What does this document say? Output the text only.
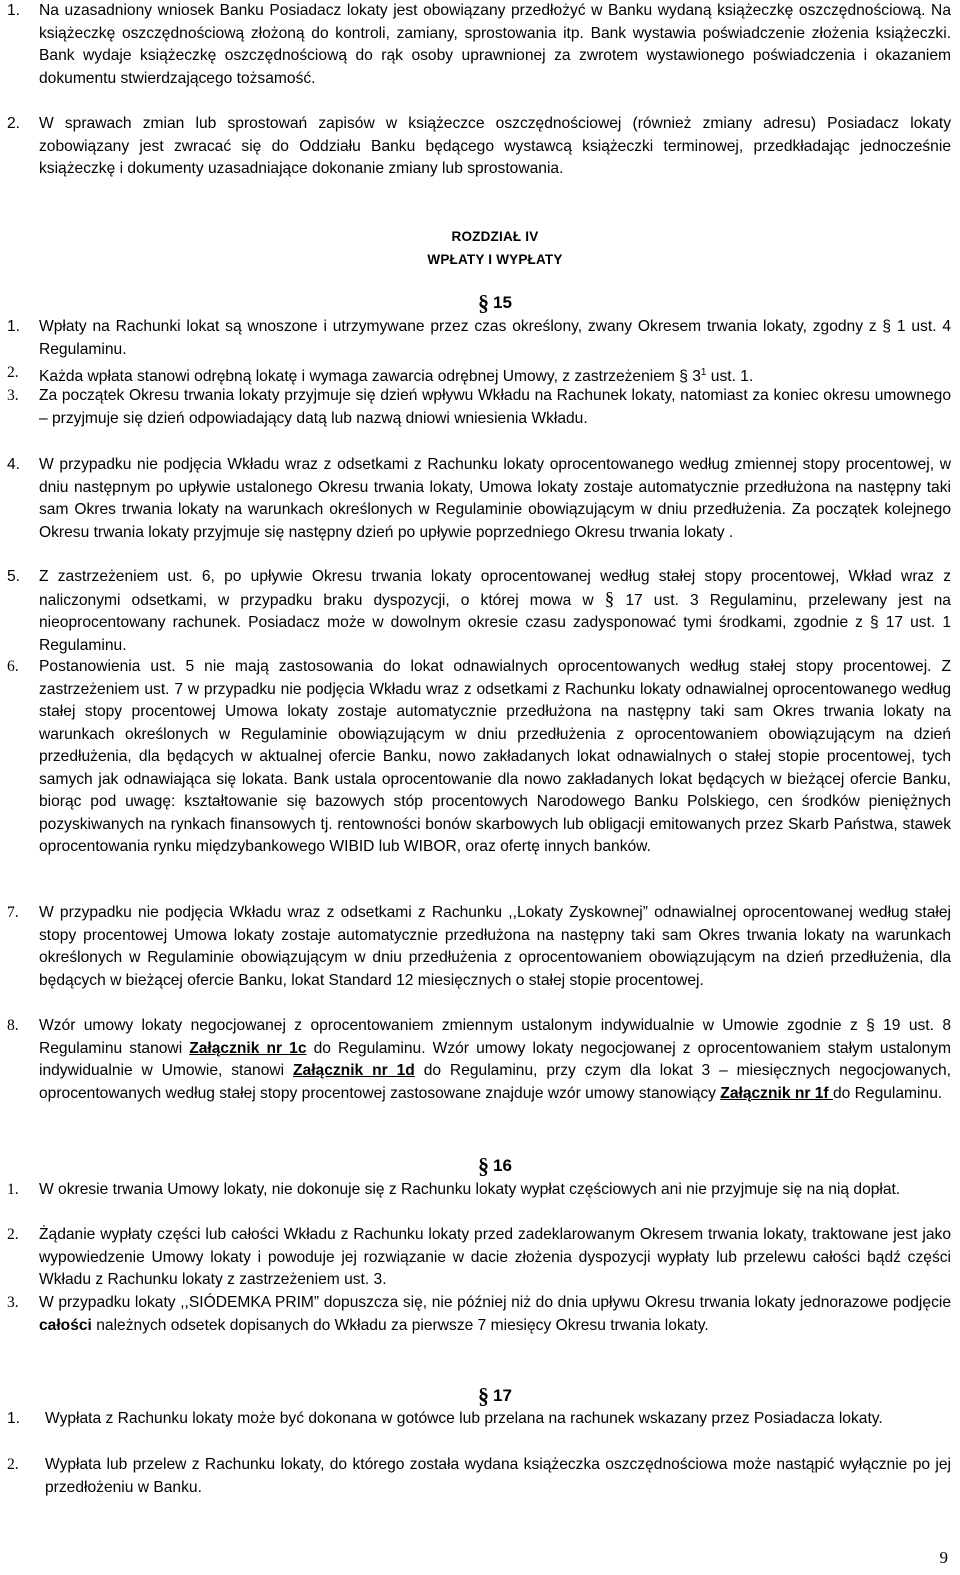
1.	Na uzasadniony wniosek Banku Posiadacz lokaty jest obowiązany przedłożyć w Banku wydaną książeczkę oszczędnościową. Na książeczkę oszczędnościową złożoną do kontroli, zamiany, sprostowania itp. Bank wystawia poświadczenie złożenia książeczki. Bank wydaje książeczkę oszczędnościową do rąk osoby uprawnionej za zwrotem wystawionego poświadczenia i okazaniem dokumentu stwierdzającego tożsamość.
2.	W sprawach zmian lub sprostowań zapisów w książeczce oszczędnościowej (również zmiany adresu) Posiadacz lokaty zobowiązany jest zwracać się do Oddziału Banku będącego wystawcą książeczki terminowej, przedkładając jednocześnie książeczkę i dokumenty uzasadniające dokonanie zmiany lub sprostowania.
ROZDZIAŁ IV
WPŁATY I WYPŁATY
§ 15
1.	Wpłaty na Rachunki lokat są wnoszone i utrzymywane przez czas określony, zwany Okresem trwania lokaty, zgodny z § 1 ust. 4 Regulaminu.
2.	Każda wpłata stanowi odrębną lokatę i wymaga zawarcia odrębnej Umowy, z zastrzeżeniem § $3^1$ ust. 1.
3.	Za początek Okresu trwania lokaty przyjmuje się dzień wpływu Wkładu na Rachunek lokaty, natomiast za koniec okresu umownego – przyjmuje się dzień odpowiadający datą lub nazwą dniowi wniesienia Wkładu.
4.	W przypadku nie podjęcia Wkładu wraz z odsetkami z Rachunku lokaty oprocentowanego według zmiennej stopy procentowej, w dniu następnym po upływie ustalonego Okresu trwania lokaty, Umowa lokaty zostaje automatycznie przedłużona na następny taki sam Okres trwania lokaty na warunkach określonych w Regulaminie obowiązującym w dniu przedłużenia. Za początek kolejnego Okresu trwania lokaty przyjmuje się następny dzień po upływie poprzedniego Okresu trwania lokaty .
5.	Z zastrzeżeniem ust. 6, po upływie Okresu trwania lokaty oprocentowanej według stałej stopy procentowej, Wkład wraz z naliczonymi odsetkami, w przypadku braku dyspozycji, o której mowa w § 17 ust. 3 Regulaminu, przelewany jest na nieoprocentowany rachunek. Posiadacz może w dowolnym okresie czasu zadysponować tymi środkami, zgodnie z § 17 ust. 1 Regulaminu.
6.	Postanowienia ust. 5 nie mają zastosowania do lokat odnawialnych oprocentowanych według stałej stopy procentowej. Z zastrzeżeniem ust. 7 w przypadku nie podjęcia Wkładu wraz z odsetkami z Rachunku lokaty odnawialnej oprocentowanego według stałej stopy procentowej Umowa lokaty zostaje automatycznie przedłużona na następny taki sam Okres trwania lokaty na warunkach określonych w Regulaminie obowiązującym w dniu przedłużenia z oprocentowaniem obowiązującym na dzień przedłużenia, dla będących w aktualnej ofercie Banku, nowo zakładanych lokat odnawialnych o stałej stopie procentowej, tych samych jak odnawiająca się lokata. Bank ustala oprocentowanie dla nowo zakładanych lokat będących w bieżącej ofercie Banku, biorąc pod uwagę: kształtowanie się bazowych stóp procentowych Narodowego Banku Polskiego, cen środków pieniężnych pozyskiwanych na rynkach finansowych tj. rentowności bonów skarbowych lub obligacji emitowanych przez Skarb Państwa, stawek oprocentowania rynku międzybankowego WIBID lub WIBOR, oraz ofertę innych banków.
7.	W przypadku nie podjęcia Wkładu wraz z odsetkami z Rachunku ,,Lokaty Zyskownej” odnawialnej oprocentowanej według stałej stopy procentowej Umowa lokaty zostaje automatycznie przedłużona na następny taki sam Okres trwania lokaty na warunkach określonych w Regulaminie obowiązującym w dniu przedłużenia z oprocentowaniem obowiązującym na dzień przedłużenia, dla będących w bieżącej ofercie Banku, lokat Standard 12 miesięcznych o stałej stopie procentowej.
8.	Wzór umowy lokaty negocjowanej z oprocentowaniem zmiennym ustalonym indywidualnie w Umowie zgodnie z § 19 ust. 8 Regulaminu stanowi Załącznik nr 1c do Regulaminu. Wzór umowy lokaty negocjowanej z oprocentowaniem stałym ustalonym indywidualnie w Umowie, stanowi Załącznik nr 1d do Regulaminu, przy czym dla lokat 3 – miesięcznych negocjowanych, oprocentowanych według stałej stopy procentowej zastosowane znajduje wzór umowy stanowiący Załącznik nr 1f do Regulaminu.
§ 16
1.	W okresie trwania Umowy lokaty, nie dokonuje się z Rachunku lokaty wypłat częściowych ani nie przyjmuje się na nią dopłat.
2.	Żądanie wypłaty części lub całości Wkładu z Rachunku lokaty przed zadeklarowanym Okresem trwania lokaty, traktowane jest jako wypowiedzenie Umowy lokaty i powoduje jej rozwiązanie w dacie złożenia dyspozycji wypłaty lub przelewu całości bądź części Wkładu z Rachunku lokaty z zastrzeżeniem ust. 3.
3.	W przypadku lokaty ,,SIÓDEMKA PRIM” dopuszcza się, nie później niż do dnia upływu Okresu trwania lokaty jednorazowe podjęcie całości należnych odsetek dopisanych do Wkładu za pierwsze 7 miesięcy Okresu trwania lokaty.
§ 17
1.	Wypłata z Rachunku lokaty może być dokonana w gotówce lub przelana na rachunek wskazany przez Posiadacza lokaty.
2.	Wypłata lub przelew z Rachunku lokaty, do którego została wydana książeczka oszczędnościowa może nastąpić wyłącznie po jej przedłożeniu w Banku.
9
